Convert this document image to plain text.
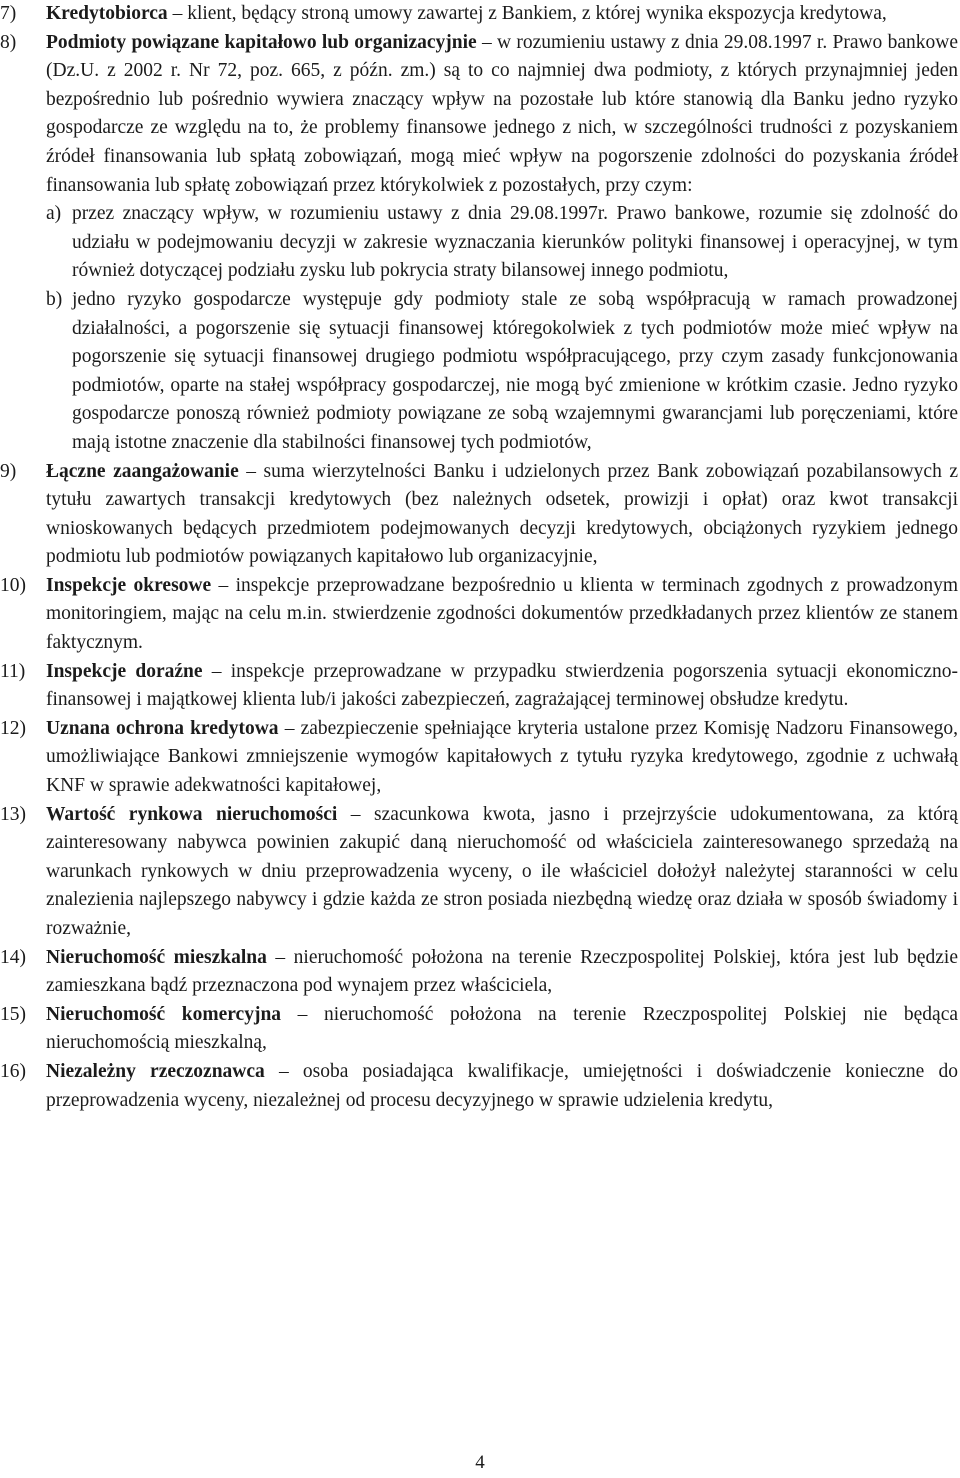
7) Kredytobiorca – klient, będący stroną umowy zawartej z Bankiem, z której wynika ekspozycja kredytowa,
8) Podmioty powiązane kapitałowo lub organizacyjnie – w rozumieniu ustawy z dnia 29.08.1997 r. Prawo bankowe (Dz.U. z 2002 r. Nr 72, poz. 665, z późn. zm.) są to co najmniej dwa podmioty, z których przynajmniej jeden bezpośrednio lub pośrednio wywiera znaczący wpływ na pozostałe lub które stanowią dla Banku jedno ryzyko gospodarcze ze względu na to, że problemy finansowe jednego z nich, w szczególności trudności z pozyskaniem źródeł finansowania lub spłatą zobowiązań, mogą mieć wpływ na pogorszenie zdolności do pozyskania źródeł finansowania lub spłatę zobowiązań przez którykolwiek z pozostałych, przy czym:
a) przez znaczący wpływ, w rozumieniu ustawy z dnia 29.08.1997r. Prawo bankowe, rozumie się zdolność do udziału w podejmowaniu decyzji w zakresie wyznaczania kierunków polityki finansowej i operacyjnej, w tym również dotyczącej podziału zysku lub pokrycia straty bilansowej innego podmiotu,
b) jedno ryzyko gospodarcze występuje gdy podmioty stale ze sobą współpracują w ramach prowadzonej działalności, a pogorszenie się sytuacji finansowej któregokolwiek z tych podmiotów może mieć wpływ na pogorszenie się sytuacji finansowej drugiego podmiotu współpracującego, przy czym zasady funkcjonowania podmiotów, oparte na stałej współpracy gospodarczej, nie mogą być zmienione w krótkim czasie. Jedno ryzyko gospodarcze ponoszą również podmioty powiązane ze sobą wzajemnymi gwarancjami lub poręczeniami, które mają istotne znaczenie dla stabilności finansowej tych podmiotów,
9) Łączne zaangażowanie – suma wierzytelności Banku i udzielonych przez Bank zobowiązań pozabilansowych z tytułu zawartych transakcji kredytowych (bez należnych odsetek, prowizji i opłat) oraz kwot transakcji wnioskowanych będących przedmiotem podejmowanych decyzji kredytowych, obciążonych ryzykiem jednego podmiotu lub podmiotów powiązanych kapitałowo lub organizacyjnie,
10) Inspekcje okresowe – inspekcje przeprowadzane bezpośrednio u klienta w terminach zgodnych z prowadzonym monitoringiem, mając na celu m.in. stwierdzenie zgodności dokumentów przedkładanych przez klientów ze stanem faktycznym.
11) Inspekcje doraźne – inspekcje przeprowadzane w przypadku stwierdzenia pogorszenia sytuacji ekonomiczno-finansowej i majątkowej klienta lub/i jakości zabezpieczeń, zagrażającej terminowej obsłudze kredytu.
12) Uznana ochrona kredytowa – zabezpieczenie spełniające kryteria ustalone przez Komisję Nadzoru Finansowego, umożliwiające Bankowi zmniejszenie wymogów kapitałowych z tytułu ryzyka kredytowego, zgodnie z uchwałą KNF w sprawie adekwatności kapitałowej,
13) Wartość rynkowa nieruchomości – szacunkowa kwota, jasno i przejrzyście udokumentowana, za którą zainteresowany nabywca powinien zakupić daną nieruchomość od właściciela zainteresowanego sprzedażą na warunkach rynkowych w dniu przeprowadzenia wyceny, o ile właściciel dołożył należytej staranności w celu znalezienia najlepszego nabywcy i gdzie każda ze stron posiada niezbędną wiedzę oraz działa w sposób świadomy i rozważnie,
14) Nieruchomość mieszkalna – nieruchomość położona na terenie Rzeczpospolitej Polskiej, która jest lub będzie zamieszkana bądź przeznaczona pod wynajem przez właściciela,
15) Nieruchomość komercyjna – nieruchomość położona na terenie Rzeczpospolitej Polskiej nie będąca nieruchomością mieszkalną,
16) Niezależny rzeczoznawca – osoba posiadająca kwalifikacje, umiejętności i doświadczenie konieczne do przeprowadzenia wyceny, niezależnej od procesu decyzyjnego w sprawie udzielenia kredytu,
4
